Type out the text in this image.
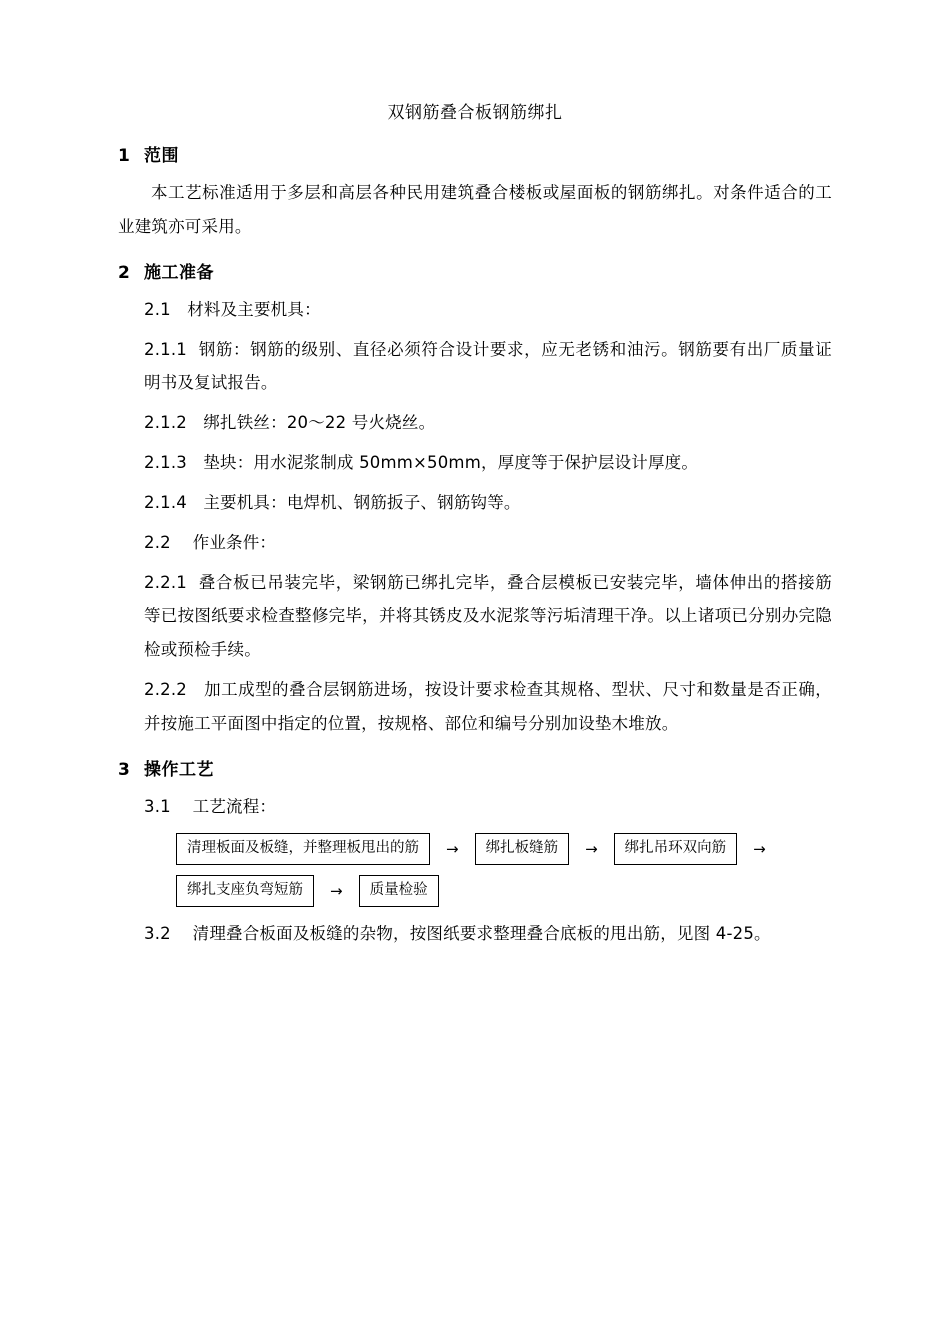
双钢筋叠合板钢筋绑扎
1 范围

本工艺标准适用于多层和高层各种民用建筑叠合楼板或屋面板的钢筋绑扎。对条件适合的工业建筑亦可采用。

2 施工准备

2.1 材料及主要机具：

2.1.1 钢筋：钢筋的级别、直径必须符合设计要求，应无老锈和油污。钢筋要有出厂质量证明书及复试报告。

2.1.2 绑扎铁丝：20～22 号火烧丝。

2.1.3 垫块：用水泥浆制成 50mm×50mm，厚度等于保护层设计厚度。

2.1.4 主要机具：电焊机、钢筋扳子、钢筋钩等。

2.2 作业条件：

2.2.1 叠合板已吊装完毕，梁钢筋已绑扎完毕，叠合层模板已安装完毕，墙体伸出的搭接筋等已按图纸要求检查整修完毕，并将其锈皮及水泥浆等污垢清理干净。以上诸项已分别办完隐检或预检手续。

2.2.2 加工成型的叠合层钢筋进场，按设计要求检查其规格、型状、尺寸和数量是否正确，并按施工平面图中指定的位置，按规格、部位和编号分别加设垫木堆放。

3 操作工艺

3.1 工艺流程：

清理板面及板缝，并整理板甩出的筋	→	绑扎板缝筋	→	绑扎吊环双向筋	→
绑扎支座负弯短筋	→	质量检验

3.2 清理叠合板面及板缝的杂物，按图纸要求整理叠合底板的甩出筋，见图 4-25。
